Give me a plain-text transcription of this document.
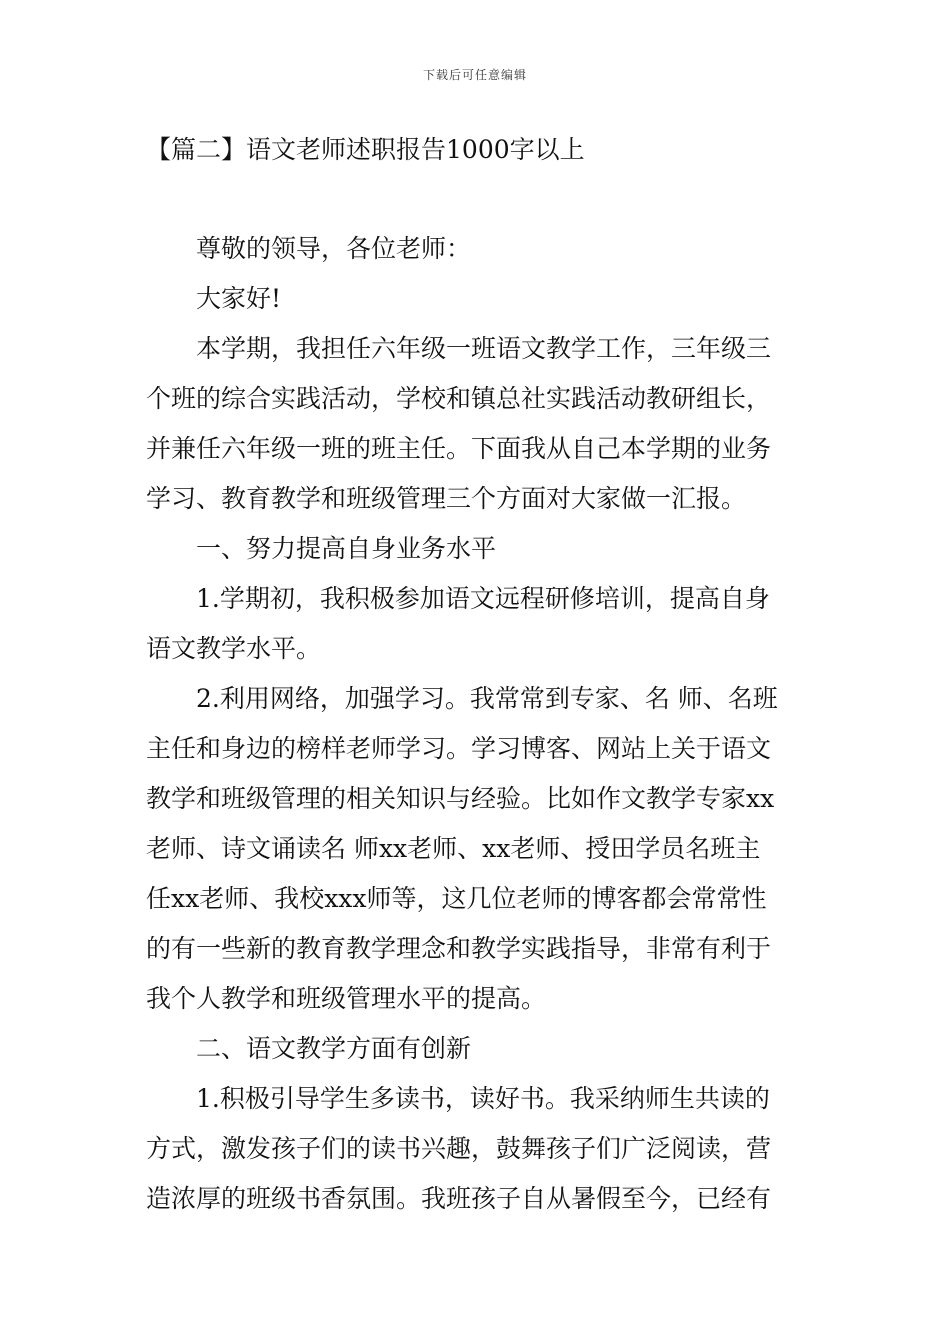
下载后可任意编辑
【篇二】语文老师述职报告1000字以上
尊敬的领导，各位老师：
大家好!
本学期，我担任六年级一班语文教学工作，三年级三
个班的综合实践活动，学校和镇总社实践活动教研组长，
并兼任六年级一班的班主任。下面我从自己本学期的业务
学习、教育教学和班级管理三个方面对大家做一汇报。
一、努力提高自身业务水平
1.学期初，我积极参加语文远程研修培训，提高自身
语文教学水平。
2.利用网络，加强学习。我常常到专家、名 师、名班
主任和身边的榜样老师学习。学习博客、网站上关于语文
教学和班级管理的相关知识与经验。比如作文教学专家xx
老师、诗文诵读名 师xx老师、xx老师、授田学员名班主
任xx老师、我校xxx师等，这几位老师的博客都会常常性
的有一些新的教育教学理念和教学实践指导，非常有利于
我个人教学和班级管理水平的提高。
二、语文教学方面有创新
1.积极引导学生多读书，读好书。我采纳师生共读的
方式，激发孩子们的读书兴趣，鼓舞孩子们广泛阅读，营
造浓厚的班级书香氛围。我班孩子自从暑假至今，已经有
